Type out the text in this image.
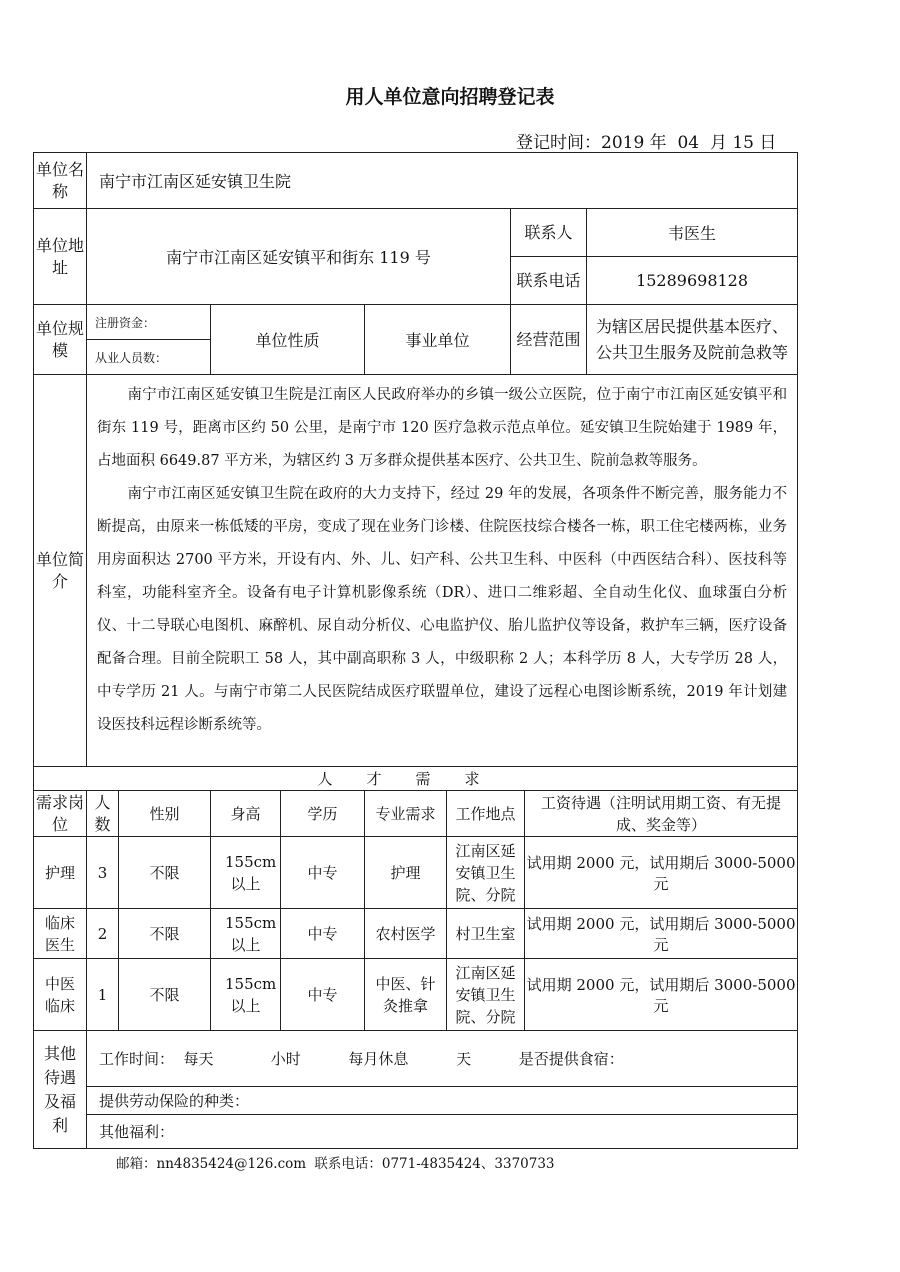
用人单位意向招聘登记表
登记时间：2019 年 04 月 15 日
单位名称	南宁市江南区延安镇卫生院								
单位地址	南宁市江南区延安镇平和街东 119 号						联系人		韦医生
							联系电话		15289698128
单位规模	注册资金：		单位性质		事业单位		经营范围		为辖区居民提供基本医疗、公共卫生服务及院前急救等
	从业人员数：								
单位简介	南宁市江南区延安镇卫生院是江南区人民政府举办的乡镇一级公立医院，位于南宁市江南区延安镇平和街东 119 号，距离市区约 50 公里，是南宁市 120 医疗急救示范点单位。延安镇卫生院始建于 1989 年，占地面积 6649.87 平方米，为辖区约 3 万多群众提供基本医疗、公共卫生、院前急救等服务。

南宁市江南区延安镇卫生院在政府的大力支持下，经过 29 年的发展，各项条件不断完善，服务能力不断提高，由原来一栋低矮的平房，变成了现在业务门诊楼、住院医技综合楼各一栋，职工住宅楼两栋，业务用房面积达 2700 平方米，开设有内、外、儿、妇产科、公共卫生科、中医科（中西医结合科）、医技科等科室，功能科室齐全。设备有电子计算机影像系统（DR）、进口二维彩超、全自动生化仪、血球蛋白分析仪、十二导联心电图机、麻醉机、尿自动分析仪、心电监护仪、胎儿监护仪等设备，救护车三辆，医疗设备配备合理。目前全院职工 58 人，其中副高职称 3 人，中级职称 2 人；本科学历 8 人，大专学历 28 人，中专学历 21 人。与南宁市第二人民医院结成医疗联盟单位，建设了远程心电图诊断系统，2019 年计划建设医技科远程诊断系统等。								

人才需求									
需求岗位	人数	性别	身高	学历	专业需求	工作地点		工资待遇（注明试用期工资、有无提成、奖金等）	
护理	3	不限	155cm以上	中专	护理	江南区延安镇卫生院、分院		试用期 2000 元，试用期后 3000-5000 元	
临床医生	2	不限	155cm以上	中专	农村医学	村卫生室		试用期 2000 元，试用期后 3000-5000 元	
中医临床	1	不限	155cm以上	中专	中医、针灸推拿	江南区延安镇卫生院、分院		试用期 2000 元，试用期后 3000-5000 元	
其他待遇及福利	工作时间：  每天            小时          每月休息          天          是否提供食宿：								
	提供劳动保险的种类：								
	其他福利：								
邮箱：nn4835424@126.com 联系电话：0771-4835424、3370733
